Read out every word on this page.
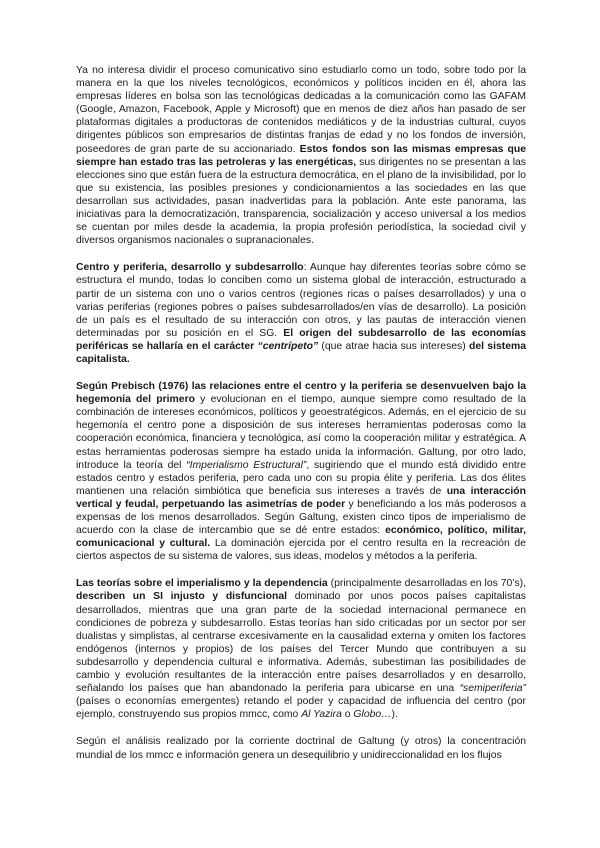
Ya no interesa dividir el proceso comunicativo sino estudiarlo como un todo, sobre todo por la manera en la que los niveles tecnológicos, económicos y políticos inciden en él, ahora las empresas líderes en bolsa son las tecnológicas dedicadas a la comunicación como las GAFAM (Google, Amazon, Facebook, Apple y Microsoft) que en menos de diez años han pasado de ser plataformas digitales a productoras de contenidos mediáticos y de la industrias cultural, cuyos dirigentes públicos son empresarios de distintas franjas de edad y no los fondos de inversión, poseedores de gran parte de su accionariado. Estos fondos son las mismas empresas que siempre han estado tras las petroleras y las energéticas, sus dirigentes no se presentan a las elecciones sino que están fuera de la estructura democrática, en el plano de la invisibilidad, por lo que su existencia, las posibles presiones y condicionamientos a las sociedades en las que desarrollan sus actividades, pasan inadvertidas para la población. Ante este panorama, las iniciativas para la democratización, transparencia, socialización y acceso universal a los medios se cuentan por miles desde la academia, la propia profesión periodística, la sociedad civil y diversos organismos nacionales o supranacionales.

Centro y periferia, desarrollo y subdesarrollo: Aunque hay diferentes teorías sobre cómo se estructura el mundo, todas lo conciben como un sistema global de interacción, estructurado a partir de un sistema con uno o varios centros (regiones ricas o países desarrollados) y una o varias periferias (regiones pobres o países subdesarrollados/en vías de desarrollo). La posición de un país es el resultado de su interacción con otros, y las pautas de interacción vienen determinadas por su posición en el SG. El origen del subdesarrollo de las economías periféricas se hallaría en el carácter “centrípeto” (que atrae hacia sus intereses) del sistema capitalista.

Según Prebisch (1976) las relaciones entre el centro y la periferia se desenvuelven bajo la hegemonía del primero y evolucionan en el tiempo, aunque siempre como resultado de la combinación de intereses económicos, políticos y geoestratégicos. Además, en el ejercicio de su hegemonía el centro pone a disposición de sus intereses herramientas poderosas como la cooperación económica, financiera y tecnológica, así como la cooperación militar y estratégica. A estas herramientas poderosas siempre ha estado unida la información. Galtung, por otro lado, introduce la teoría del “Imperialismo Estructural”, sugiriendo que el mundo está dividido entre estados centro y estados periferia, pero cada uno con su propia élite y periferia. Las dos élites mantienen una relación simbiótica que beneficia sus intereses a través de una interacción vertical y feudal, perpetuando las asimetrías de poder y beneficiando a los más poderosos a expensas de los menos desarrollados. Según Galtung, existen cinco tipos de imperialismo de acuerdo con la clase de intercambio que se dé entre estados: económico, político, militar, comunicacional y cultural. La dominación ejercida por el centro resulta en la recreación de ciertos aspectos de su sistema de valores, sus ideas, modelos y métodos a la periferia.

Las teorías sobre el imperialismo y la dependencia (principalmente desarrolladas en los 70’s), describen un SI injusto y disfuncional dominado por unos pocos países capitalistas desarrollados, mientras que una gran parte de la sociedad internacional permanece en condiciones de pobreza y subdesarrollo. Estas teorías han sido criticadas por un sector por ser dualistas y simplistas, al centrarse excesivamente en la causalidad externa y omiten los factores endógenos (internos y propios) de los países del Tercer Mundo que contribuyen a su subdesarrollo y dependencia cultural e informativa. Además, subestiman las posibilidades de cambio y evolución resultantes de la interacción entre países desarrollados y en desarrollo, señalando los países que han abandonado la periferia para ubicarse en una “semiperiferia” (países o economías emergentes) retando el poder y capacidad de influencia del centro (por ejemplo, construyendo sus propios mmcc, como Al Yazira o Globo…).

Según el análisis realizado por la corriente doctrinal de Galtung (y otros) la concentración mundial de los mmcc e información genera un desequilibrio y unidireccionalidad en los flujos
